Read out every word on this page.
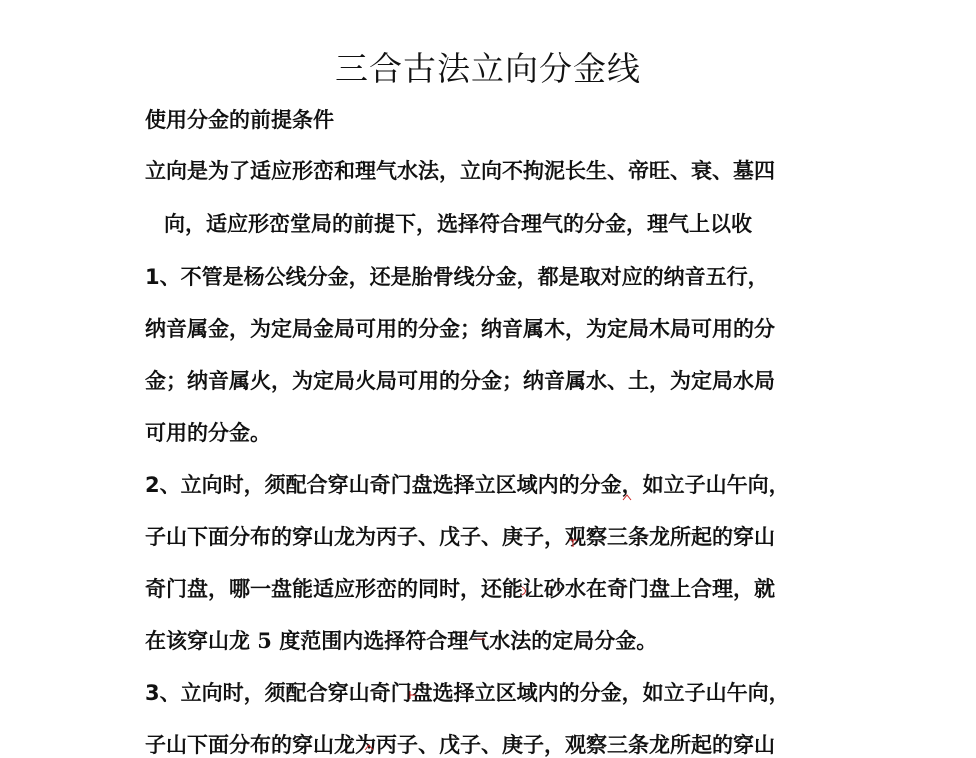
三合古法立向分金线
使用分金的前提条件
立向是为了适应形峦和理气水法，立向不拘泥长生、帝旺、衰、墓四
向，适应形峦堂局的前提下，选择符合理气的分金，理气上以收
1、不管是杨公线分金，还是胎骨线分金，都是取对应的纳音五行，
纳音属金，为定局金局可用的分金；纳音属木，为定局木局可用的分
金；纳音属火，为定局火局可用的分金；纳音属水、土，为定局水局
可用的分金。
2、立向时，须配合穿山奇门盘选择立区域内的分金，如立子山午向，
子山下面分布的穿山龙为丙子、戊子、庚子，观察三条龙所起的穿山
奇门盘，哪一盘能适应形峦的同时，还能让砂水在奇门盘上合理，就
在该穿山龙 5 度范围内选择符合理气水法的定局分金。
3、立向时，须配合穿山奇门盘选择立区域内的分金，如立子山午向，
子山下面分布的穿山龙为丙子、戊子、庚子，观察三条龙所起的穿山
